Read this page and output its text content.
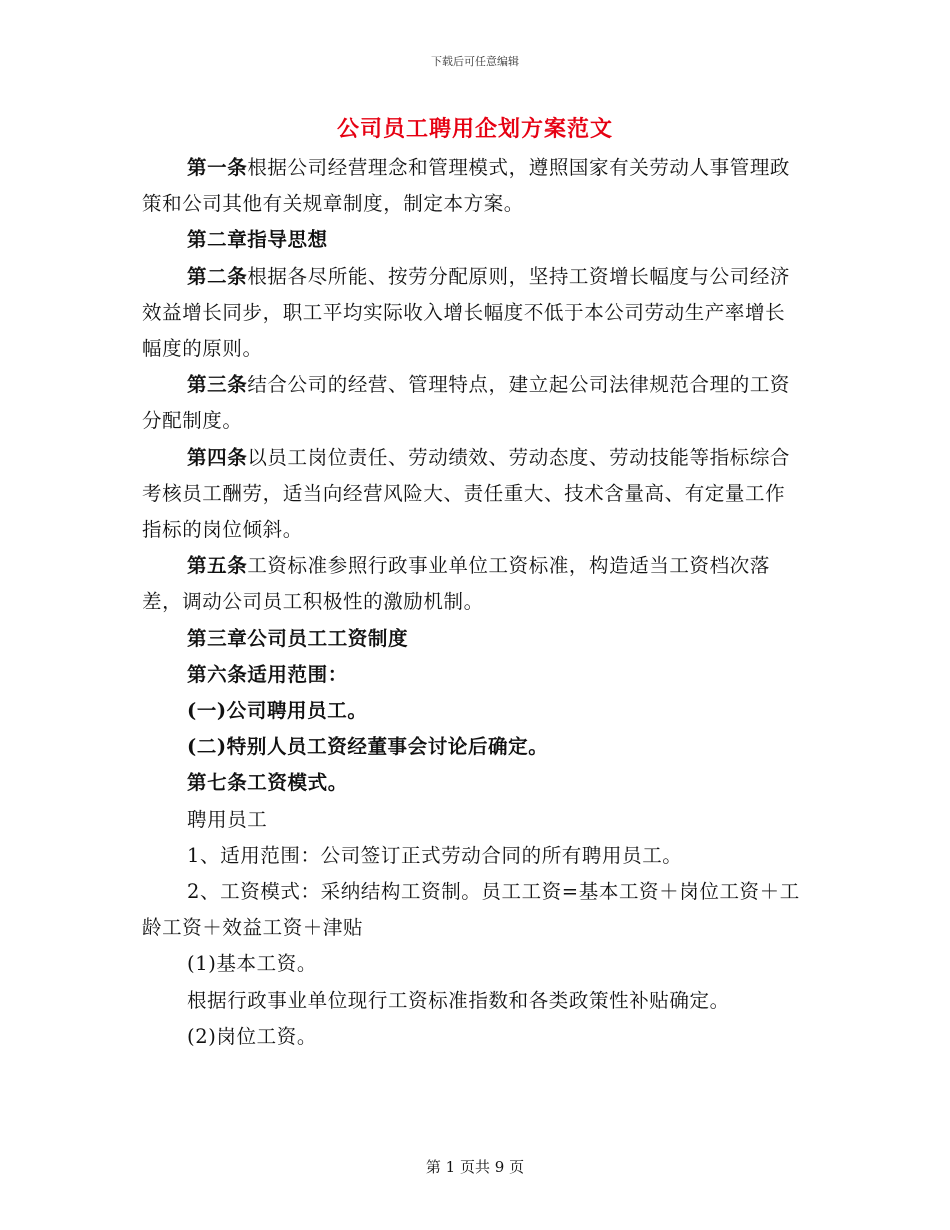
下载后可任意编辑
公司员工聘用企划方案范文

第一条根据公司经营理念和管理模式，遵照国家有关劳动人事管理政策和公司其他有关规章制度，制定本方案。

第二章指导思想

第二条根据各尽所能、按劳分配原则，坚持工资增长幅度与公司经济效益增长同步，职工平均实际收入增长幅度不低于本公司劳动生产率增长幅度的原则。

第三条结合公司的经营、管理特点，建立起公司法律规范合理的工资分配制度。

第四条以员工岗位责任、劳动绩效、劳动态度、劳动技能等指标综合考核员工酬劳，适当向经营风险大、责任重大、技术含量高、有定量工作指标的岗位倾斜。

第五条工资标准参照行政事业单位工资标准，构造适当工资档次落差，调动公司员工积极性的激励机制。

第三章公司员工工资制度

第六条适用范围：

(一)公司聘用员工。

(二)特别人员工资经董事会讨论后确定。

第七条工资模式。

聘用员工

1、适用范围：公司签订正式劳动合同的所有聘用员工。

2、工资模式：采纳结构工资制。员工工资=基本工资＋岗位工资＋工龄工资＋效益工资＋津贴

(1)基本工资。

根据行政事业单位现行工资标准指数和各类政策性补贴确定。

(2)岗位工资。

第 1 页共 9 页
